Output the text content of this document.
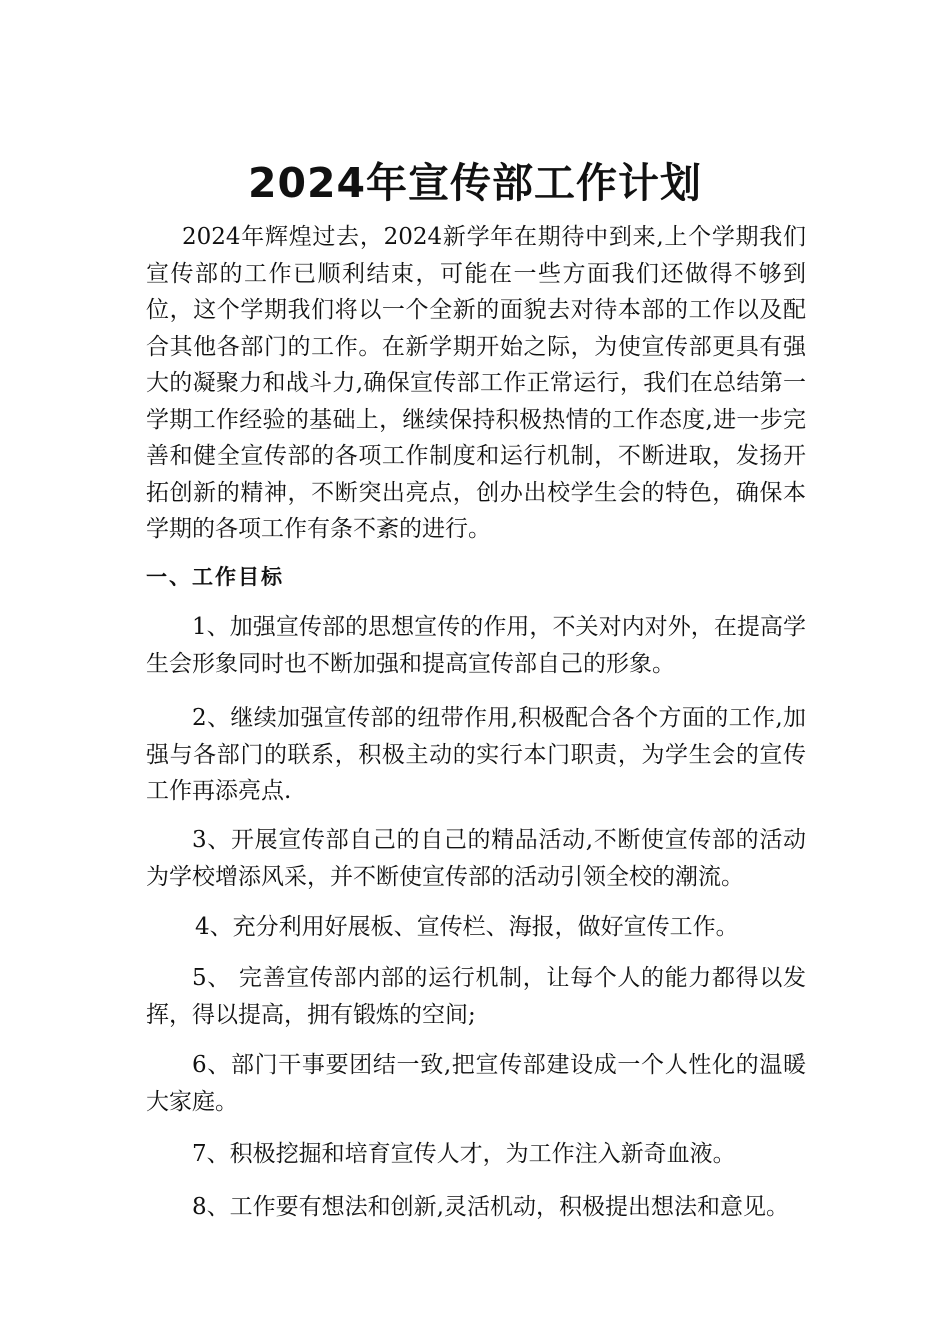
2024年宣传部工作计划

2024年辉煌过去，2024新学年在期待中到来,上个学期我们宣传部的工作已顺利结束，可能在一些方面我们还做得不够到位，这个学期我们将以一个全新的面貌去对待本部的工作以及配合其他各部门的工作。在新学期开始之际，为使宣传部更具有强大的凝聚力和战斗力,确保宣传部工作正常运行，我们在总结第一学期工作经验的基础上，继续保持积极热情的工作态度,进一步完善和健全宣传部的各项工作制度和运行机制，不断进取，发扬开拓创新的精神，不断突出亮点，创办出校学生会的特色，确保本学期的各项工作有条不紊的进行。

一、工作目标

1、加强宣传部的思想宣传的作用，不关对内对外，在提高学生会形象同时也不断加强和提高宣传部自己的形象。

2、继续加强宣传部的纽带作用,积极配合各个方面的工作,加强与各部门的联系，积极主动的实行本门职责，为学生会的宣传工作再添亮点.

3、开展宣传部自己的自己的精品活动,不断使宣传部的活动为学校增添风采，并不断使宣传部的活动引领全校的潮流。

4、充分利用好展板、宣传栏、海报，做好宣传工作。

5、 完善宣传部内部的运行机制，让每个人的能力都得以发挥，得以提高，拥有锻炼的空间;

6、部门干事要团结一致,把宣传部建设成一个人性化的温暖大家庭。

7、积极挖掘和培育宣传人才，为工作注入新奇血液。

8、工作要有想法和创新,灵活机动，积极提出想法和意见。
